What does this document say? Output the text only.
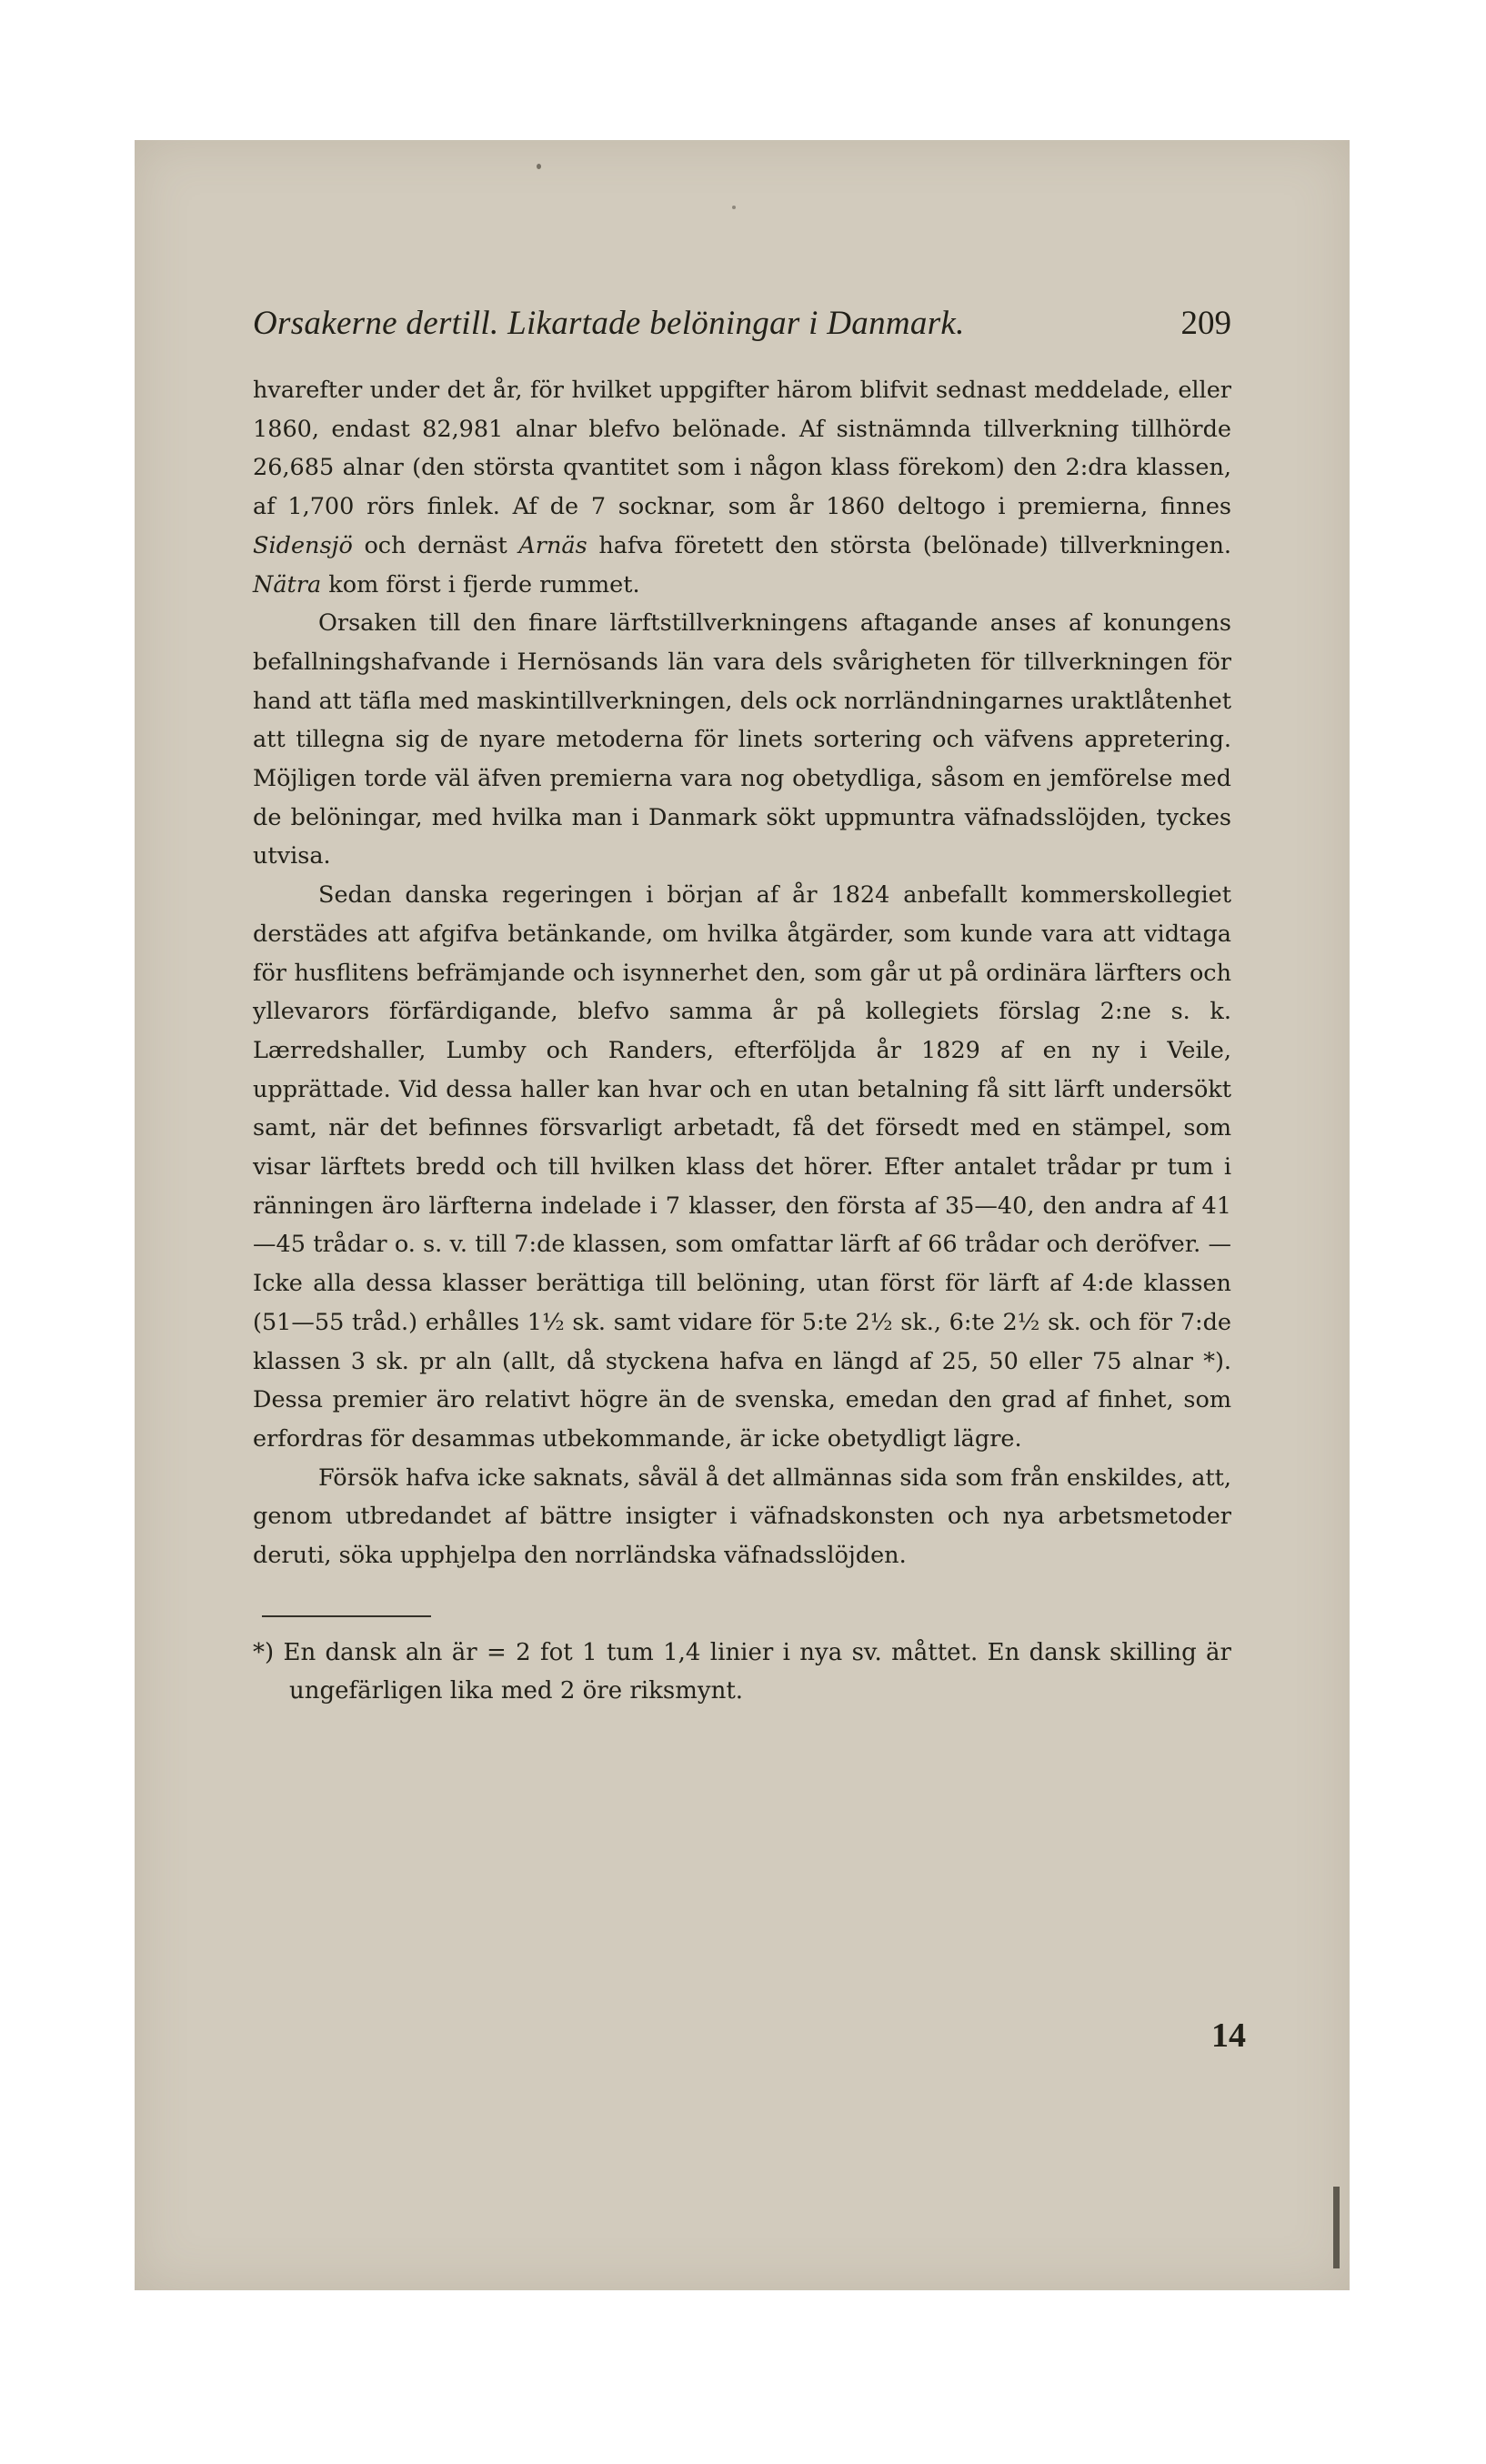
Orsakerne dertill. Likartade belöningar i Danmark.	209

hvarefter under det år, för hvilket uppgifter härom blifvit sednast meddelade, eller 1860, endast 82,981 alnar blefvo belönade. Af sistnämnda tillverkning tillhörde 26,685 alnar (den största qvantitet som i någon klass förekom) den 2:dra klassen, af 1,700 rörs finlek. Af de 7 socknar, som år 1860 deltogo i premierna, finnes Sidensjö och dernäst Arnäs hafva företett den största (belönade) tillverkningen. Nätra kom först i fjerde rummet.

Orsaken till den finare lärftstillverkningens aftagande anses af konungens befallningshafvande i Hernösands län vara dels svårigheten för tillverkningen för hand att täfla med maskintillverkningen, dels ock norrländningarnes uraktlåtenhet att tillegna sig de nyare metoderna för linets sortering och väfvens appretering. Möjligen torde väl äfven premierna vara nog obetydliga, såsom en jemförelse med de belöningar, med hvilka man i Danmark sökt uppmuntra väfnadsslöjden, tyckes utvisa.

Sedan danska regeringen i början af år 1824 anbefallt kommerskollegiet derstädes att afgifva betänkande, om hvilka åtgärder, som kunde vara att vidtaga för husflitens befrämjande och isynnerhet den, som går ut på ordinära lärfters och yllevarors förfärdigande, blefvo samma år på kollegiets förslag 2:ne s. k. Lærredshaller, Lumby och Randers, efterföljda år 1829 af en ny i Veile, upprättade. Vid dessa haller kan hvar och en utan betalning få sitt lärft undersökt samt, när det befinnes försvarligt arbetadt, få det försedt med en stämpel, som visar lärftets bredd och till hvilken klass det hörer. Efter antalet trådar pr tum i ränningen äro lärfterna indelade i 7 klasser, den första af 35—40, den andra af 41—45 trådar o. s. v. till 7:de klassen, som omfattar lärft af 66 trådar och deröfver. — Icke alla dessa klasser berättiga till belöning, utan först för lärft af 4:de klassen (51—55 tråd.) erhålles 1½ sk. samt vidare för 5:te 2½ sk., 6:te 2½ sk. och för 7:de klassen 3 sk. pr aln (allt, då styckena hafva en längd af 25, 50 eller 75 alnar *). Dessa premier äro relativt högre än de svenska, emedan den grad af finhet, som erfordras för desammas utbekommande, är icke obetydligt lägre.

Försök hafva icke saknats, såväl å det allmännas sida som från enskildes, att, genom utbredandet af bättre insigter i väfnadskonsten och nya arbetsmetoder deruti, söka upphjelpa den norrländska väfnadsslöjden.

*) En dansk aln är = 2 fot 1 tum 1,4 linier i nya sv. måttet. En dansk skilling är ungefärligen lika med 2 öre riksmynt.

14
